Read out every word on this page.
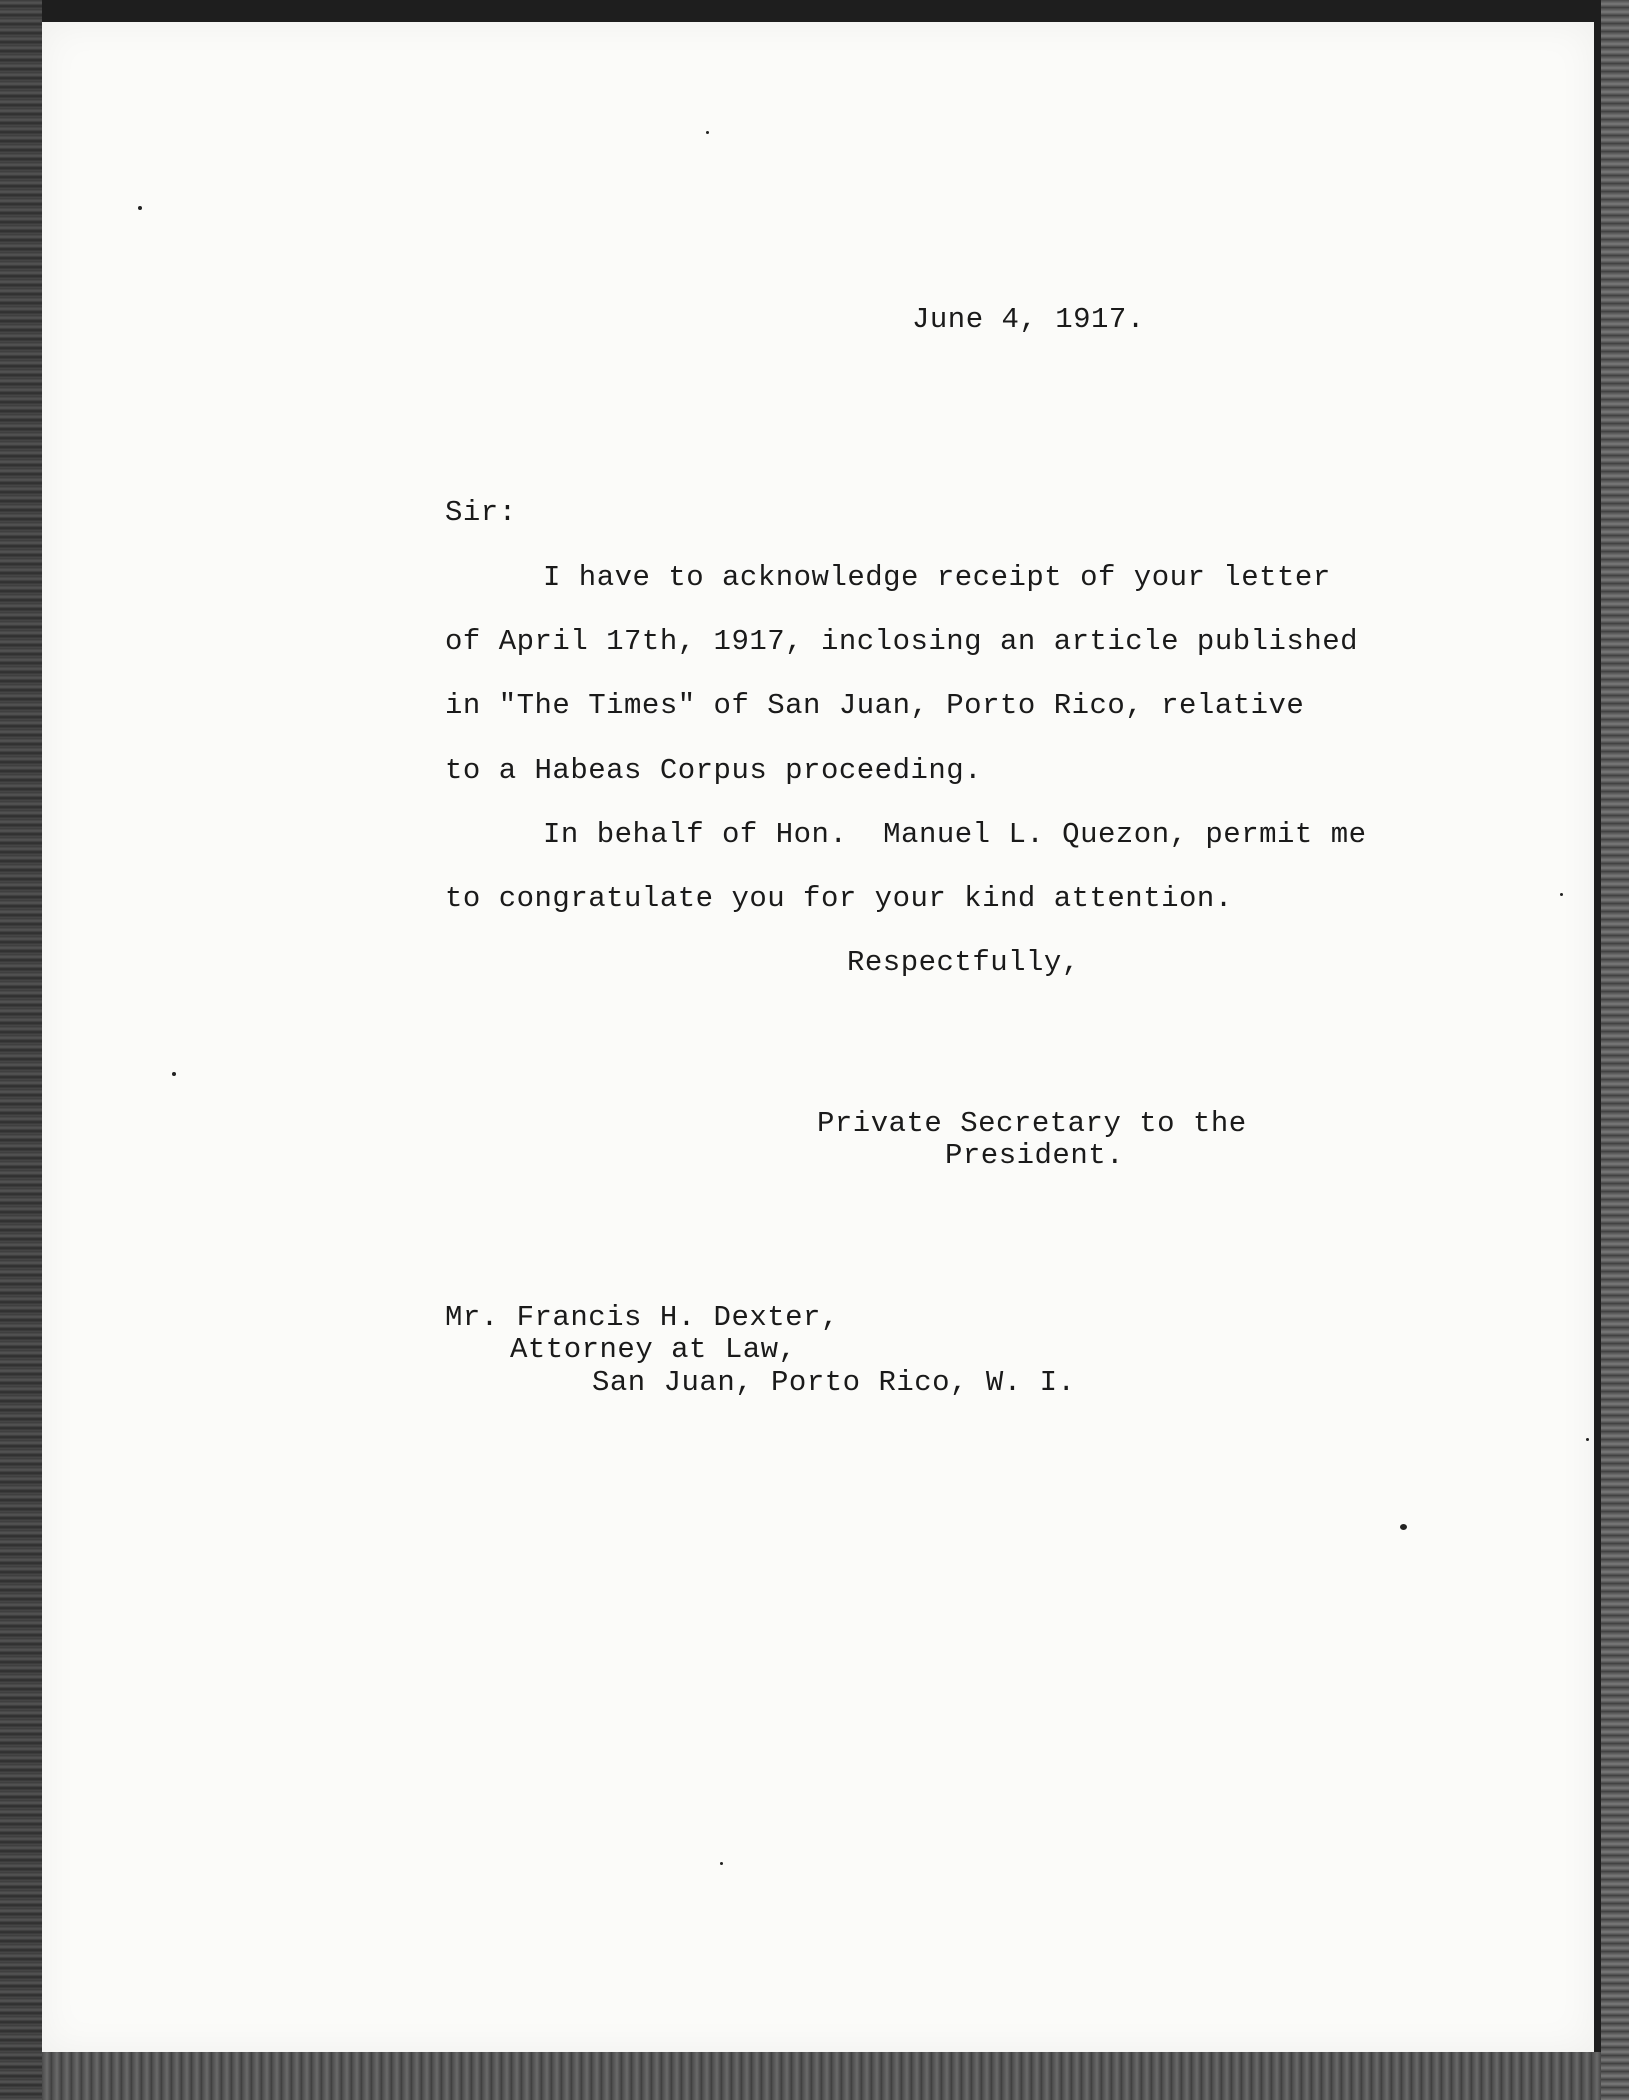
June 4, 1917.
Sir:
I have to acknowledge receipt of your letter
of April 17th, 1917, inclosing an article published
in "The Times" of San Juan, Porto Rico, relative
to a Habeas Corpus proceeding.
In behalf of Hon.  Manuel L. Quezon, permit me
to congratulate you for your kind attention.
Respectfully,
Private Secretary to the
President.
Mr. Francis H. Dexter,
Attorney at Law,
San Juan, Porto Rico, W. I.
